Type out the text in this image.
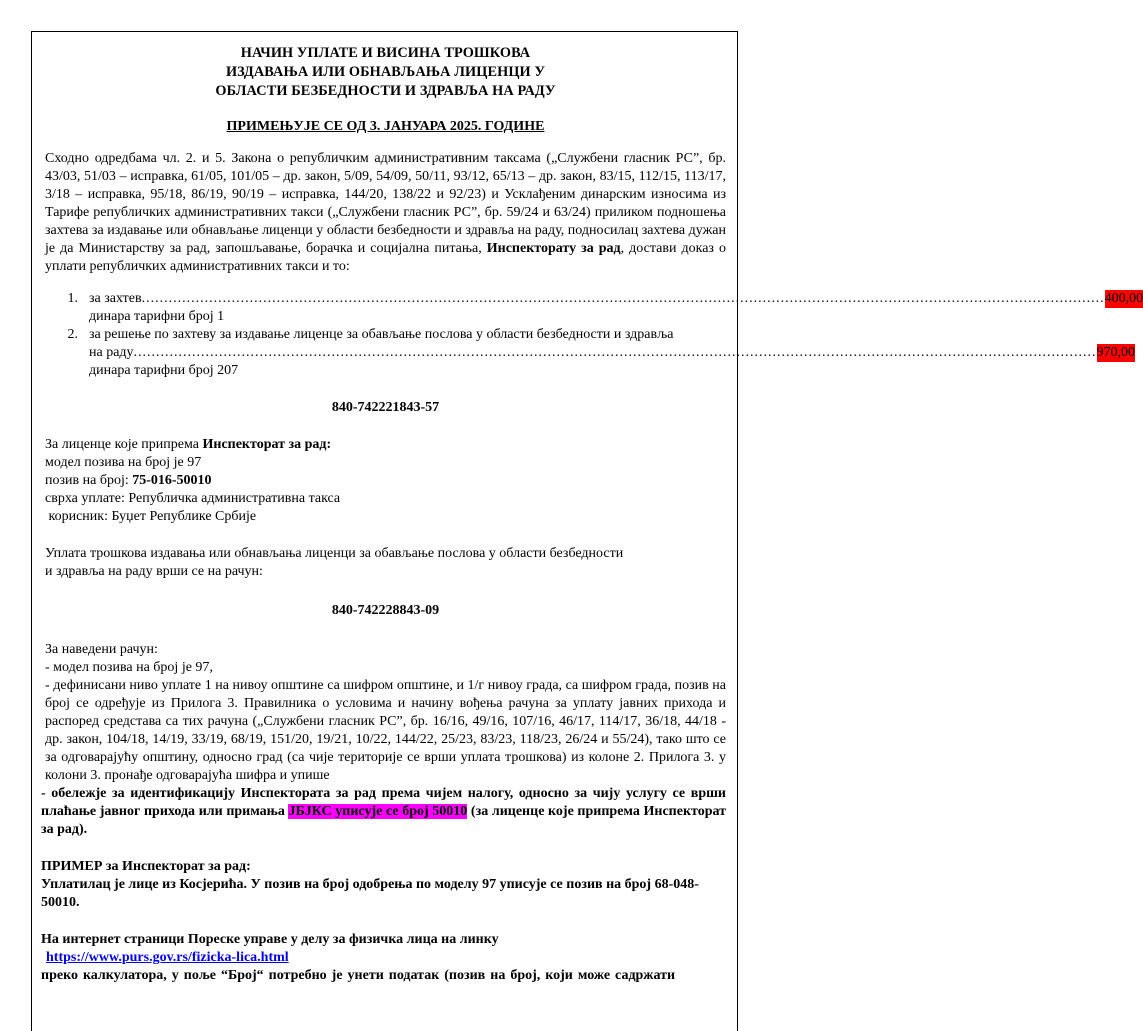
НАЧИН УПЛАТЕ И ВИСИНА ТРОШКОВА
ИЗДАВАЊА ИЛИ ОБНАВЉАЊА ЛИЦЕНЦИ У
ОБЛАСТИ БЕЗБЕДНОСТИ И ЗДРАВЉА НА РАДУ
ПРИМЕЊУЈЕ СЕ ОД 3. ЈАНУАРА 2025. ГОДИНЕ
Сходно одредбама чл. 2. и 5. Закона о републичким административним таксама („Службени гласник РС”, бр. 43/03, 51/03 – исправка, 61/05, 101/05 – др. закон, 5/09, 54/09, 50/11, 93/12, 65/13 – др. закон, 83/15, 112/15, 113/17, 3/18 – исправка, 95/18, 86/19, 90/19 – исправка, 144/20, 138/22 и 92/23) и Усклађеним динарским износима из Тарифе републичких административних такси („Службени гласник РС”, бр. 59/24 и 63/24) приликом подношења захтева за издавање или обнављање лиценци у области безбедности и здравља на раду, подносилац захтева дужан је да Министарству за рад, запошљавање, борачка и социјална питања, Инспекторату за рад, достави доказ о уплати републичких административних такси и то:
1. за захтев .....	400,00
динара тарифни број 1
2. за решење по захтеву за издавање лиценце за обављање послова у области безбедности и здравља
на раду .....	970,00
динара тарифни број 207
840-742221843-57
За лиценце које припрема Инспекторат за рад:
модел позива на број је 97
позив на број: 75-016-50010
сврха уплате: Републичка административна такса
корисник: Буџет Републике Србије
Уплата трошкова издавања или обнављања лиценци за обављање послова у области безбедности
и здравља на раду врши се на рачун:
840-742228843-09
За наведени рачун:
- модел позива на број је 97,
- дефинисани ниво уплате 1 на нивоу општине са шифром општине, и 1/г нивоу града, са шифром града, позив на број се одређује из Прилога 3. Правилника о условима и начину вођења рачуна за уплату јавних прихода и распоред средстава са тих рачуна („Службени гласник РС”, бр. 16/16, 49/16, 107/16, 46/17, 114/17, 36/18, 44/18 - др. закон, 104/18, 14/19, 33/19, 68/19, 151/20, 19/21, 10/22, 144/22, 25/23, 83/23, 118/23, 26/24 и 55/24), тако што се за одговарајућу општину, односно град (са чије територије се врши уплата трошкова) из колоне 2. Прилога 3. у колони 3. пронађе одговарајућа шифра и упише
- обележје за идентификацију Инспектората за рад према чијем налогу, односно за чију услугу се врши плаћање јавног прихода или примања ЈБЈКС уписује се број 50010 (за лиценце које припрема Инспекторат за рад).
ПРИМЕР за Инспекторат за рад:
Уплатилац је лице из Косјерића. У позив на број одобрења по моделу 97 уписује се позив на број 68-048-50010.
На интернет страници Пореске управе у делу за физичка лица на линку
https://www.purs.gov.rs/fizicka-lica.html
преко калкулатора, у поље “Број“ потребно је унети податак (позив на број, који може садржати
